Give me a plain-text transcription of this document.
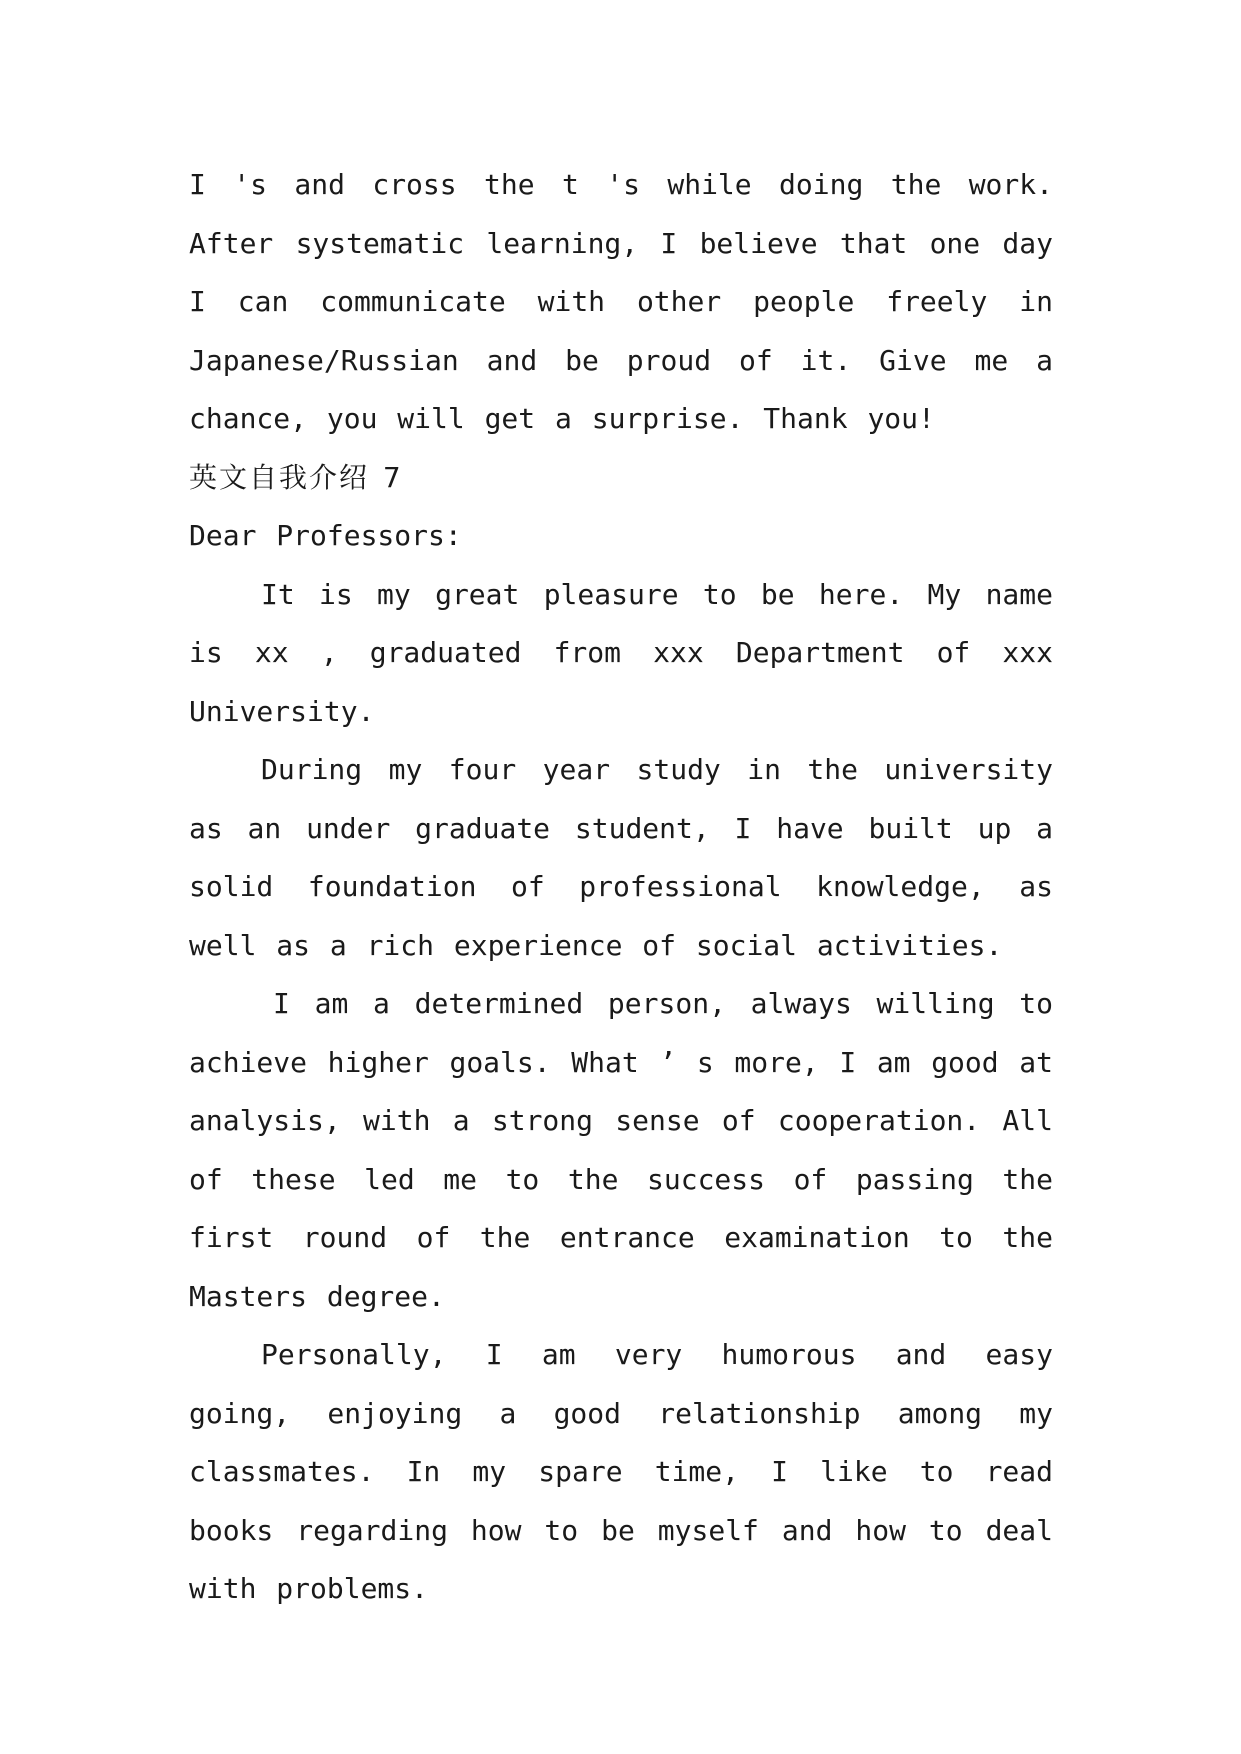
I 's and cross the t 's while doing the work. After systematic learning, I believe that one day I can communicate with other people freely in Japanese/Russian and be proud of it. Give me a chance, you will get a surprise. Thank you!

英文自我介绍 7

Dear Professors:

It is my great pleasure to be here. My name is xx , graduated from xxx Department of xxx University.

During my four year study in the university as an under graduate student, I have built up a solid foundation of professional knowledge, as well as a rich experience of social activities.

I am a determined person, always willing to achieve higher goals. What ’ s more, I am good at analysis, with a strong sense of cooperation. All of these led me to the success of passing the first round of the entrance examination to the Masters degree.

Personally, I am very humorous and easy going, enjoying a good relationship among my classmates. In my spare time, I like to read books regarding how to be myself and how to deal with problems.
